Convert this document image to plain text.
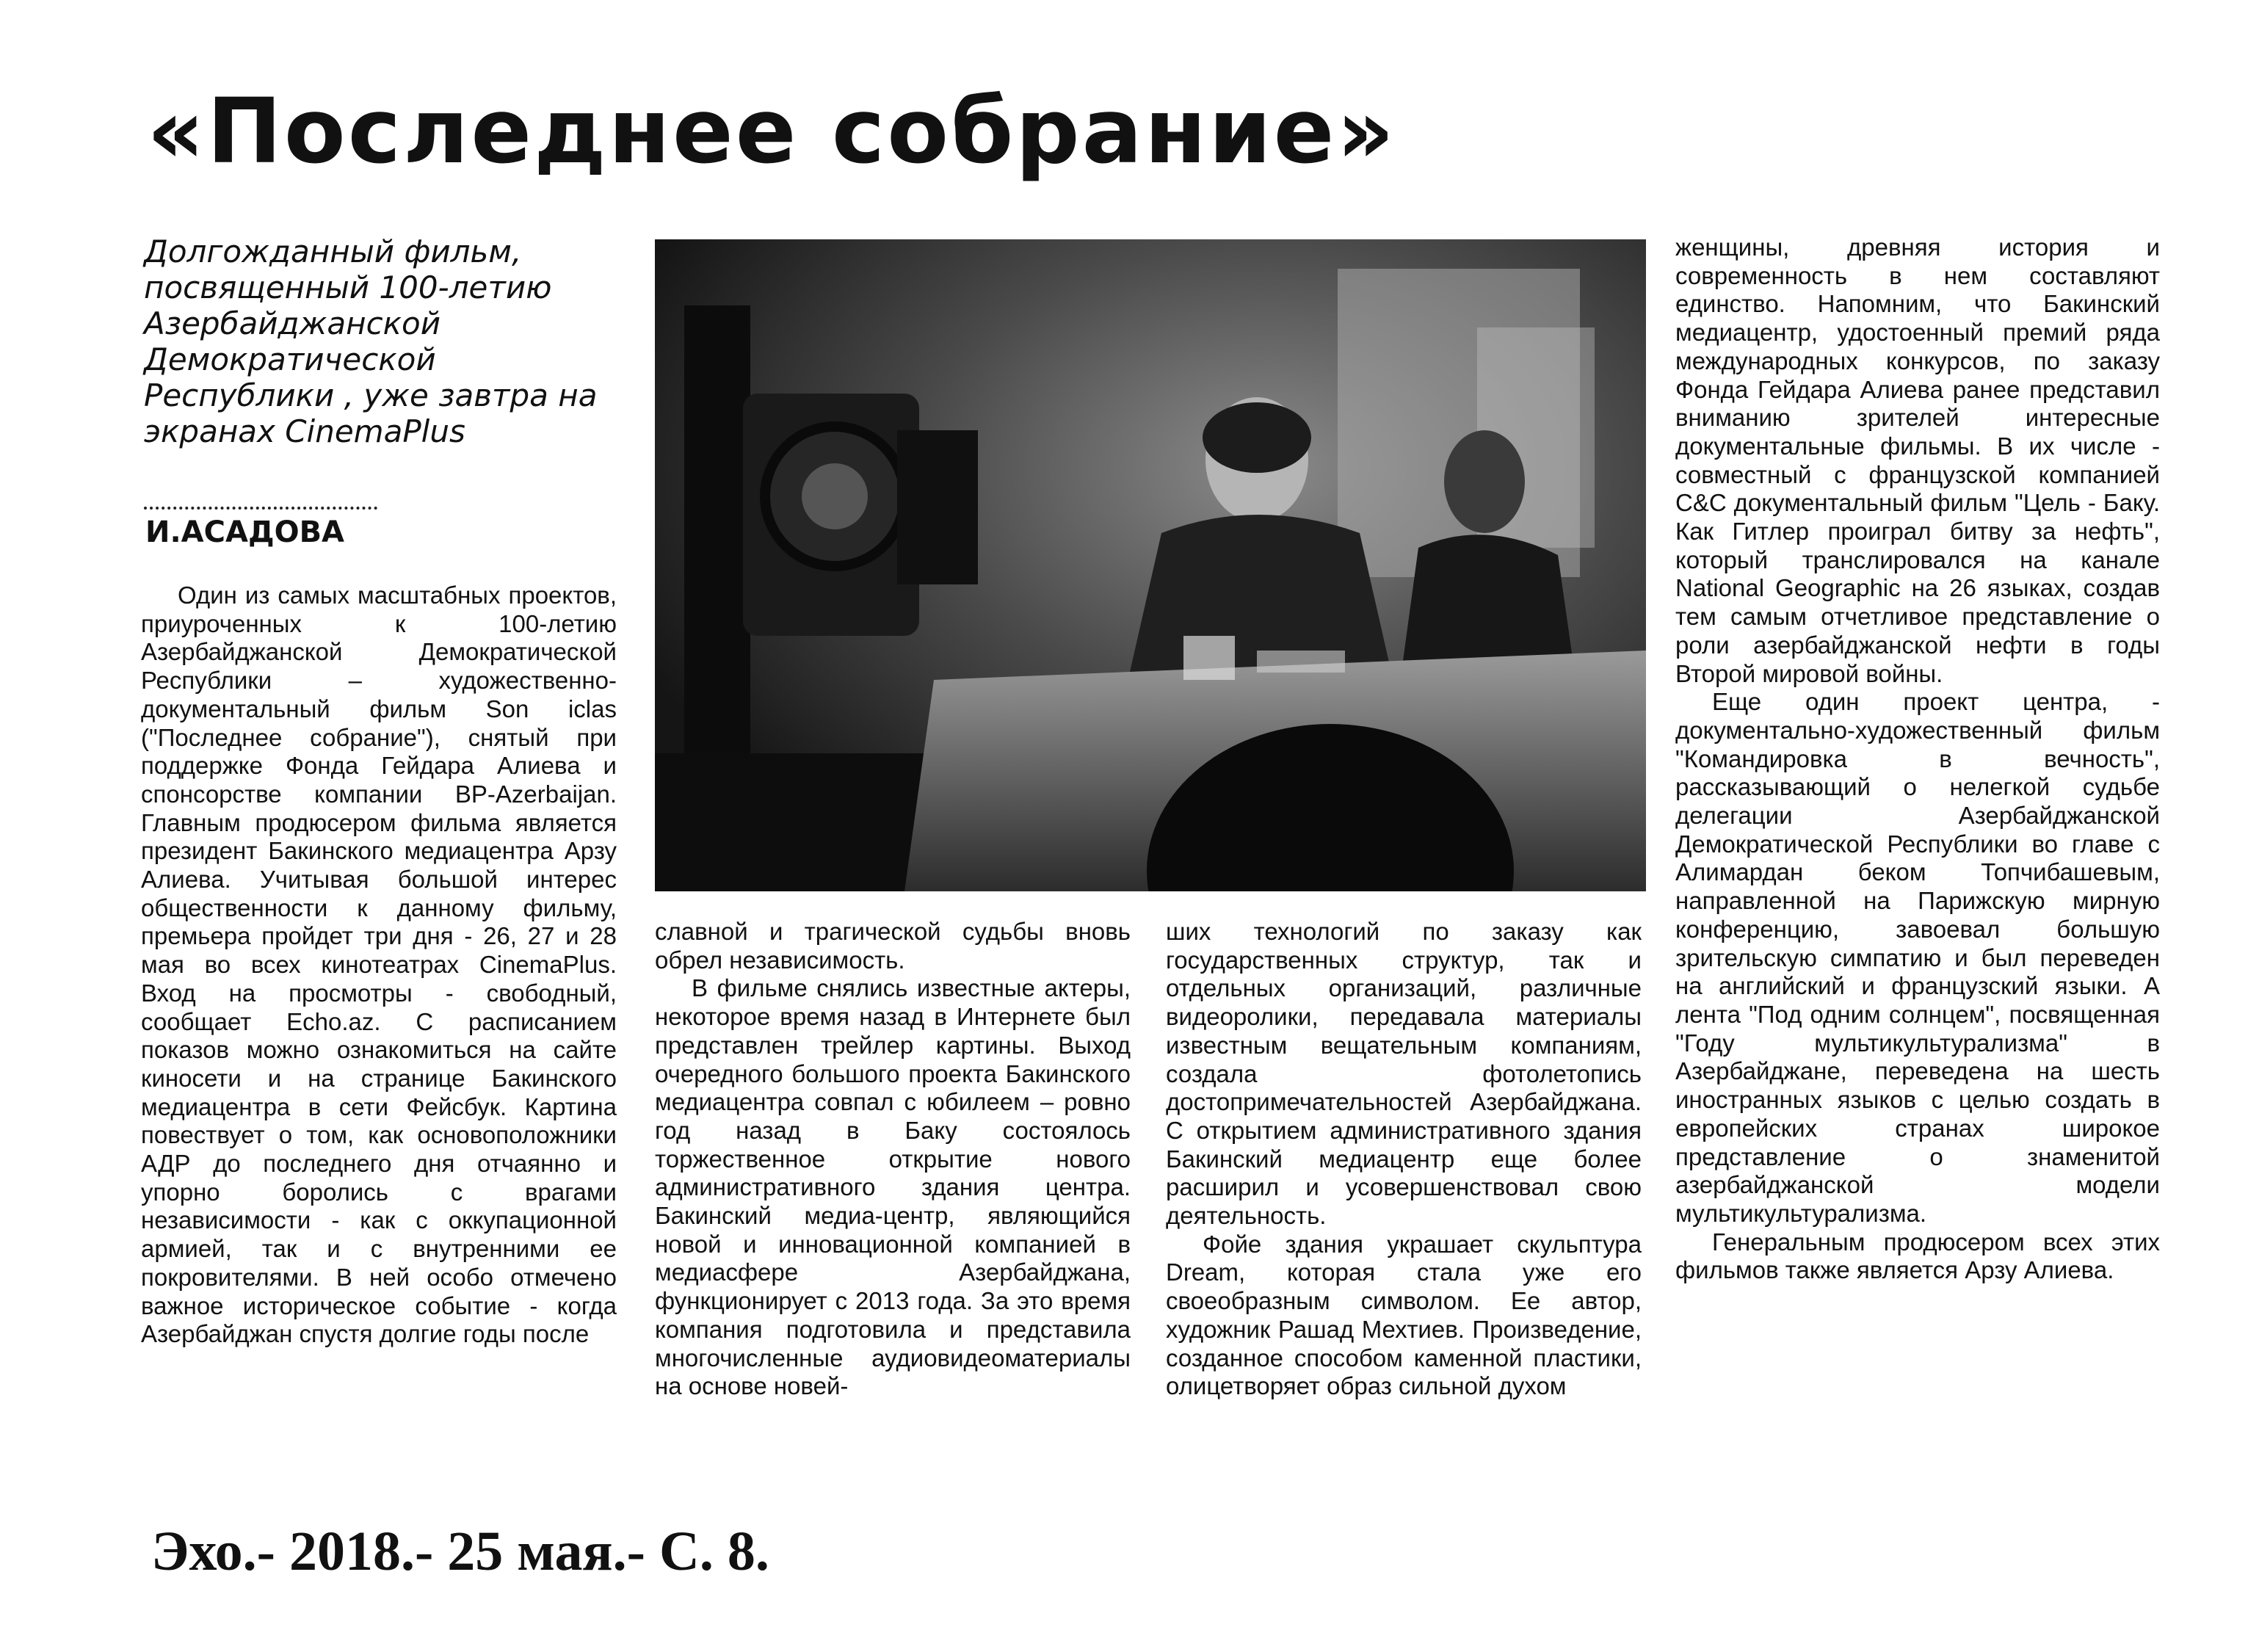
«Последнее собрание»

Долгожданный фильм, посвященный 100-летию Азербайджанской Демократической Республики , уже завтра на экранах CinemaPlus

И.АСАДОВА

Один из самых масштабных проектов, приуроченных к 100-летию Азербайджанской Демократической Республики – художественно-документальный фильм Son iclas ("Последнее собрание"), снятый при поддержке Фонда Гейдара Алиева и спонсорстве компании BP-Azerbaijan. Главным продюсером фильма является президент Бакинского медиацентра Арзу Алиева. Учитывая большой интерес общественности к данному фильму, премьера пройдет три дня - 26, 27 и 28 мая во всех кинотеатрах CinemaPlus. Вход на просмотры - свободный, сообщает Echo.az. С расписанием показов можно ознакомиться на сайте киносети и на странице Бакинского медиацентра в сети Фейсбук. Картина повествует о том, как основоположники АДР до последнего дня отчаянно и упорно боролись с врагами независимости - как с оккупационной армией, так и с внутренними ее покровителями. В ней особо отмечено важное историческое событие - когда Азербайджан спустя долгие годы после

славной и трагической судьбы вновь обрел независимость.

В фильме снялись известные актеры, некоторое время назад в Интернете был представлен трейлер картины. Выход очередного большого проекта Бакинского медиацентра совпал с юбилеем – ровно год назад в Баку состоялось торжественное открытие нового административного здания центра. Бакинский медиа-центр, являющийся новой и инновационной компанией в медиасфере Азербайджана, функционирует с 2013 года. За это время компания подготовила и представила многочисленные аудиовидеоматериалы на основе новей-

ших технологий по заказу как государственных структур, так и отдельных организаций, различные видеоролики, передавала материалы известным вещательным компаниям, создала фотолетопись достопримечательностей Азербайджана. С открытием административного здания Бакинский медиацентр еще более расширил и усовершенствовал свою деятельность.

Фойе здания украшает скульптура Dream, которая стала уже его своеобразным символом. Ее автор, художник Рашад Мехтиев. Произведение, созданное способом каменной пластики, олицетворяет образ сильной духом

женщины, древняя история и современность в нем составляют единство. Напомним, что Бакинский медиацентр, удостоенный премий ряда международных конкурсов, по заказу Фонда Гейдара Алиева ранее представил вниманию зрителей интересные документальные фильмы. В их числе - совместный с французской компанией C&C документальный фильм "Цель - Баку. Как Гитлер проиграл битву за нефть", который транслировался на канале National Geographic на 26 языках, создав тем самым отчетливое представление о роли азербайджанской нефти в годы Второй мировой войны.

Еще один проект центра, - документально-художественный фильм "Командировка в вечность", рассказывающий о нелегкой судьбе делегации Азербайджанской Демократической Республики во главе с Алимардан беком Топчибашевым, направленной на Парижскую мирную конференцию, завоевал большую зрительскую симпатию и был переведен на английский и французский языки. А лента "Под одним солнцем", посвященная "Году мультикультурализма" в Азербайджане, переведена на шесть иностранных языков с целью создать в европейских странах широкое представление о знаменитой азербайджанской модели мультикультурализма.

Генеральным продюсером всех этих фильмов также является Арзу Алиева.

Эхо.- 2018.- 25 мая.- С. 8.
